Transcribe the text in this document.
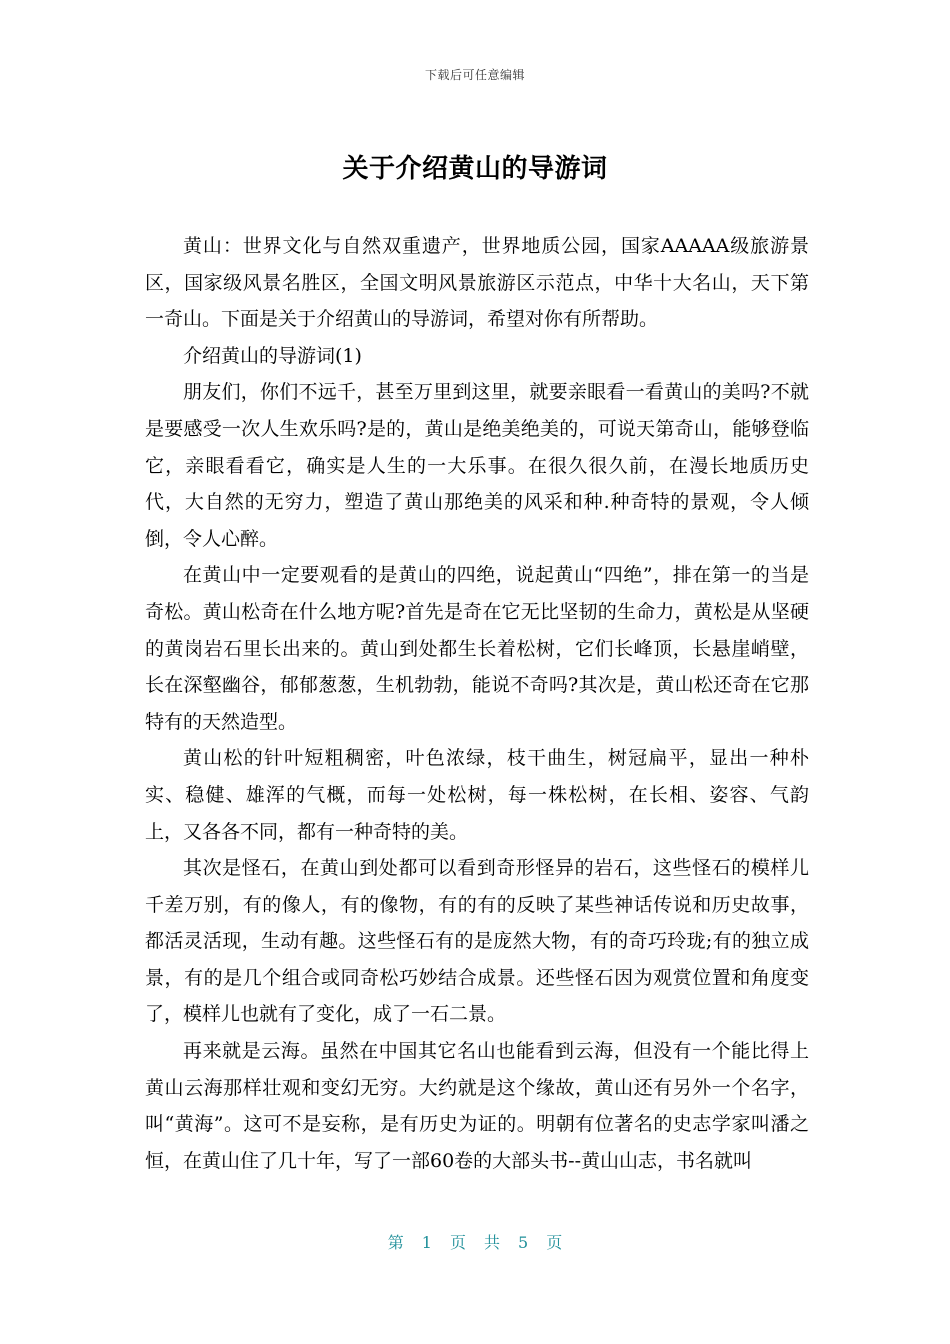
下载后可任意编辑
关于介绍黄山的导游词

黄山：世界文化与自然双重遗产，世界地质公园，国家AAAAA级旅游景区，国家级风景名胜区，全国文明风景旅游区示范点，中华十大名山，天下第一奇山。下面是关于介绍黄山的导游词，希望对你有所帮助。

介绍黄山的导游词(1)

朋友们，你们不远千，甚至万里到这里，就要亲眼看一看黄山的美吗?不就是要感受一次人生欢乐吗?是的，黄山是绝美绝美的，可说天第奇山，能够登临它，亲眼看看它，确实是人生的一大乐事。在很久很久前，在漫长地质历史代，大自然的无穷力，塑造了黄山那绝美的风采和种.种奇特的景观，令人倾倒，令人心醉。

在黄山中一定要观看的是黄山的四绝，说起黄山“四绝”，排在第一的当是奇松。黄山松奇在什么地方呢?首先是奇在它无比坚韧的生命力，黄松是从坚硬的黄岗岩石里长出来的。黄山到处都生长着松树，它们长峰顶，长悬崖峭壁，长在深壑幽谷，郁郁葱葱，生机勃勃，能说不奇吗?其次是，黄山松还奇在它那特有的天然造型。

黄山松的针叶短粗稠密，叶色浓绿，枝干曲生，树冠扁平，显出一种朴实、稳健、雄浑的气概，而每一处松树，每一株松树，在长相、姿容、气韵上，又各各不同，都有一种奇特的美。

其次是怪石，在黄山到处都可以看到奇形怪异的岩石，这些怪石的模样儿千差万别，有的像人，有的像物，有的有的反映了某些神话传说和历史故事，都活灵活现，生动有趣。这些怪石有的是庞然大物，有的奇巧玲珑;有的独立成景，有的是几个组合或同奇松巧妙结合成景。还些怪石因为观赏位置和角度变了，模样儿也就有了变化，成了一石二景。

再来就是云海。虽然在中国其它名山也能看到云海，但没有一个能比得上黄山云海那样壮观和变幻无穷。大约就是这个缘故，黄山还有另外一个名字，叫“黄海”。这可不是妄称，是有历史为证的。明朝有位著名的史志学家叫潘之恒，在黄山住了几十年，写了一部60卷的大部头书--黄山山志，书名就叫

第 1 页共5 页
